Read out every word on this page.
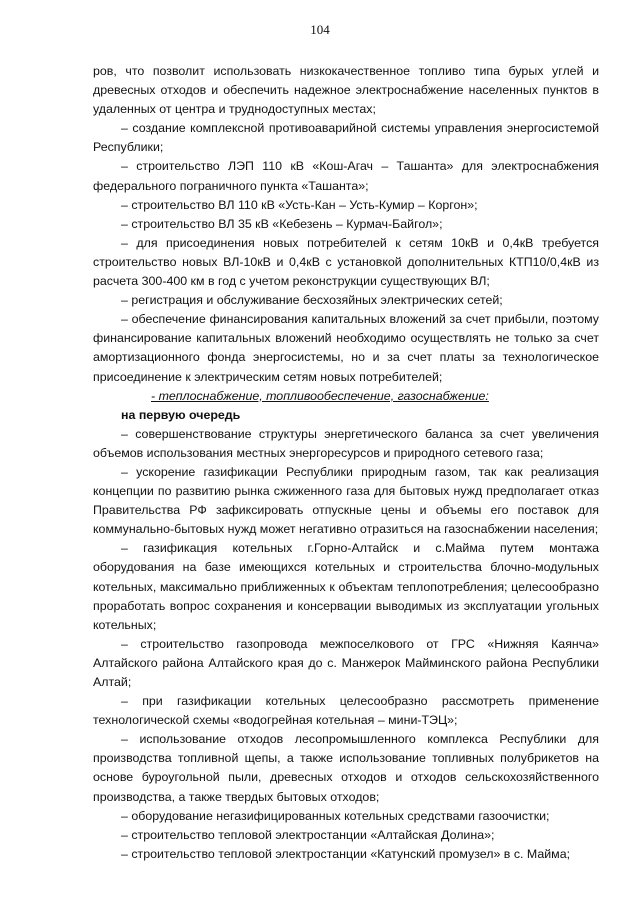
104

ров, что позволит использовать низкокачественное топливо типа бурых углей и древесных отходов и обеспечить надежное электроснабжение населенных пунктов в удаленных от центра и труднодоступных местах;

– создание комплексной противоаварийной системы управления энергосистемой Республики;

– строительство ЛЭП 110 кВ «Кош-Агач – Ташанта» для электроснабжения федерального пограничного пункта «Ташанта»;

– строительство ВЛ 110 кВ «Усть-Кан – Усть-Кумир – Коргон»;

– строительство ВЛ 35 кВ «Кебезень – Курмач-Байгол»;

– для присоединения новых потребителей к сетям 10кВ и 0,4кВ требуется строительство новых ВЛ-10кВ и 0,4кВ с установкой дополнительных КТП10/0,4кВ из расчета 300-400 км в год с учетом реконструкции существующих ВЛ;

– регистрация и обслуживание бесхозяйных электрических сетей;

– обеспечение финансирования капитальных вложений за счет прибыли, поэтому финансирование капитальных вложений необходимо осуществлять не только за счет амортизационного фонда энергосистемы, но и за счет платы за технологическое присоединение к электрическим сетям новых потребителей;

- теплоснабжение, топливообеспечение, газоснабжение:

на первую очередь

– совершенствование структуры энергетического баланса за счет увеличения объемов использования местных энергоресурсов и природного сетевого газа;

– ускорение газификации Республики природным газом, так как реализация концепции по развитию рынка сжиженного газа для бытовых нужд предполагает отказ Правительства РФ зафиксировать отпускные цены и объемы его поставок для коммунально-бытовых нужд может негативно отразиться на газоснабжении населения;

– газификация котельных г.Горно-Алтайск и с.Майма путем монтажа оборудования на базе имеющихся котельных и строительства блочно-модульных котельных, максимально приближенных к объектам теплопотребления; целесообразно проработать вопрос сохранения и консервации выводимых из эксплуатации угольных котельных;

– строительство газопровода межпоселкового от ГРС «Нижняя Каянча» Алтайского района Алтайского края до с. Манжерок Майминского района Республики Алтай;

– при газификации котельных целесообразно рассмотреть применение технологической схемы «водогрейная котельная – мини-ТЭЦ»;

– использование отходов лесопромышленного комплекса Республики для производства топливной щепы, а также использование топливных полубрикетов на основе буроугольной пыли, древесных отходов и отходов сельскохозяйственного производства, а также твердых бытовых отходов;

– оборудование негазифицированных котельных средствами газоочистки;

– строительство тепловой электростанции «Алтайская Долина»;

– строительство тепловой электростанции «Катунский промузел» в с. Майма;
